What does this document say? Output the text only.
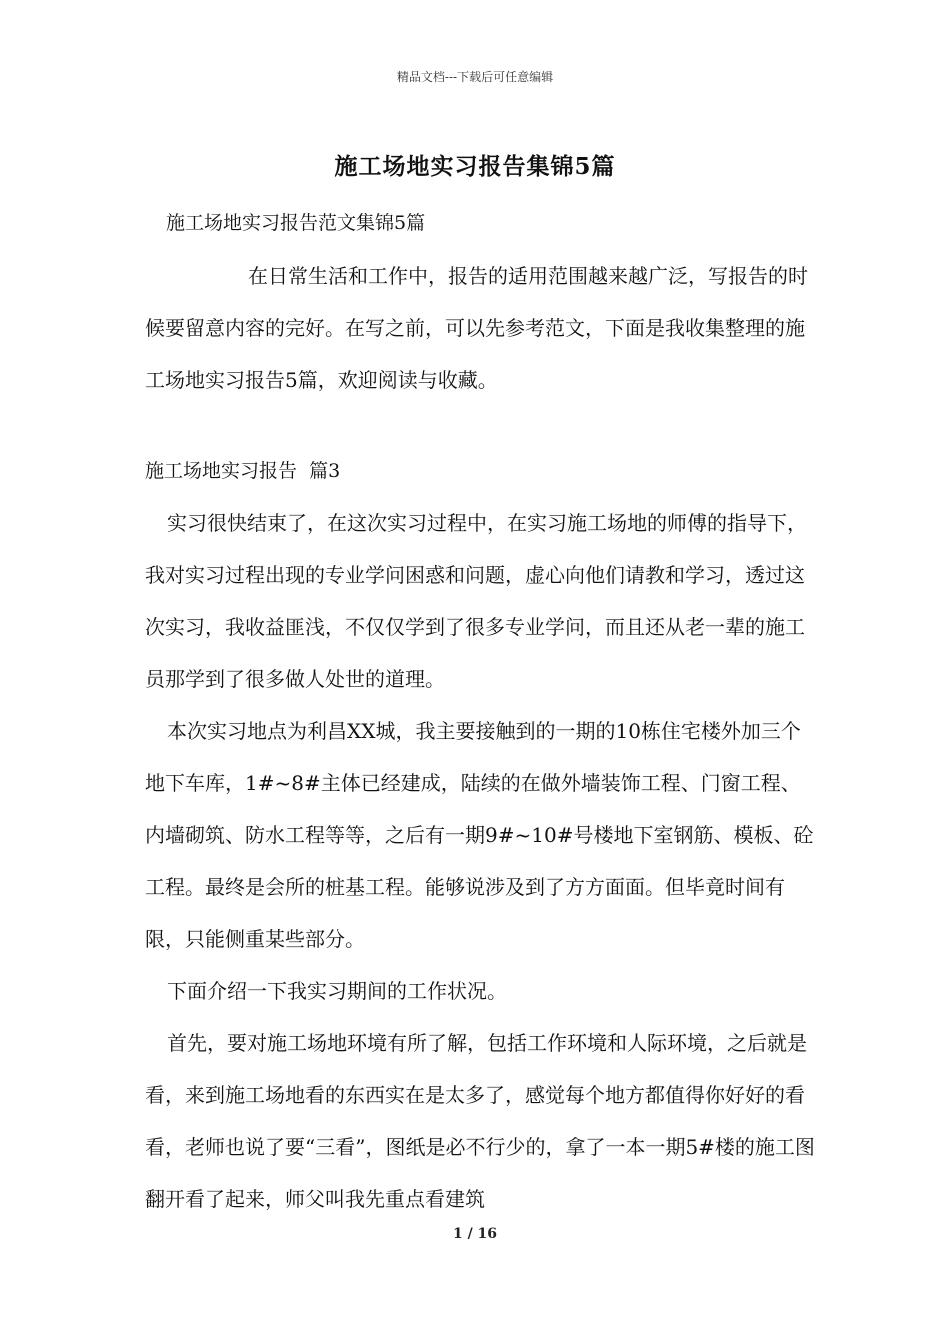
精品文档---下载后可任意编辑
施工场地实习报告集锦5篇
施工场地实习报告范文集锦5篇

在日常生活和工作中，报告的适用范围越来越广泛，写报告的时候要留意内容的完好。在写之前，可以先参考范文，下面是我收集整理的施工场地实习报告5篇，欢迎阅读与收藏。

施工场地实习报告  篇3

实习很快结束了，在这次实习过程中，在实习施工场地的师傅的指导下，我对实习过程出现的专业学问困惑和问题，虚心向他们请教和学习，透过这次实习，我收益匪浅，不仅仅学到了很多专业学问，而且还从老一辈的施工员那学到了很多做人处世的道理。

本次实习地点为利昌XX城，我主要接触到的一期的10栋住宅楼外加三个地下车库，1#~8#主体已经建成，陆续的在做外墙装饰工程、门窗工程、内墙砌筑、防水工程等等，之后有一期9#~10#号楼地下室钢筋、模板、砼工程。最终是会所的桩基工程。能够说涉及到了方方面面。但毕竟时间有限，只能侧重某些部分。

下面介绍一下我实习期间的工作状况。

首先，要对施工场地环境有所了解，包括工作环境和人际环境，之后就是看，来到施工场地看的东西实在是太多了，感觉每个地方都值得你好好的看看，老师也说了要“三看”，图纸是必不行少的，拿了一本一期5#楼的施工图翻开看了起来，师父叫我先重点看建筑

1 / 16
